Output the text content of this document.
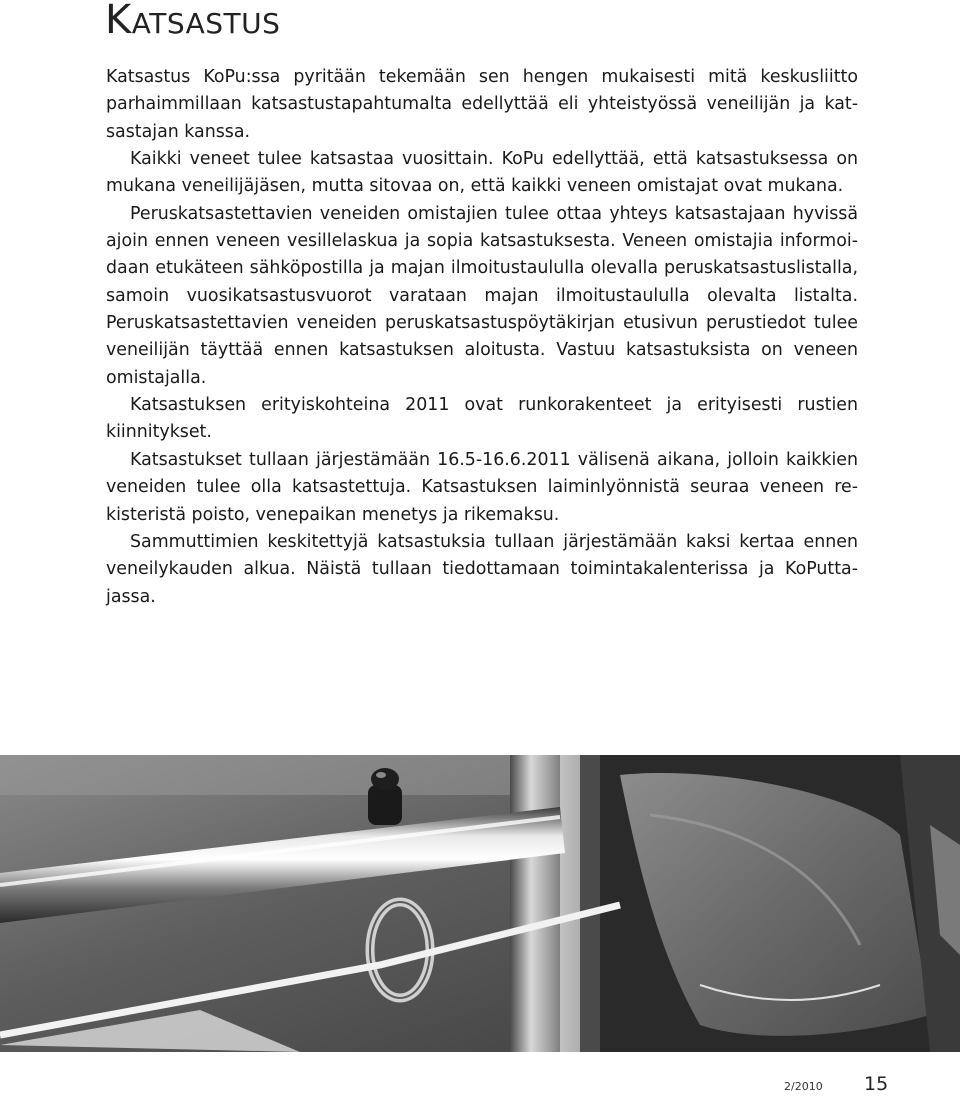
KATSASTUS

Katsastus KoPu:ssa pyritään tekemään sen hengen mukaisesti mitä keskusliitto parhaimmillaan katsastustapahtumalta edellyttää eli yhteistyössä veneilijän ja katsastajan kanssa.

Kaikki veneet tulee katsastaa vuosittain. KoPu edellyttää, että katsastuksessa on mukana veneilijäjäsen, mutta sitovaa on, että kaikki veneen omistajat ovat mukana.

Peruskatsastettavien veneiden omistajien tulee ottaa yhteys katsastajaan hyvissä ajoin ennen veneen vesillelaskua ja sopia katsastuksesta. Veneen omistajia informoidaan etukäteen sähköpostilla ja majan ilmoitustaululla olevalla peruskatsastuslistalla, samoin vuosikatsastusvuorot varataan majan ilmoitustaululla olevalta listalta. Peruskatsastettavien veneiden peruskatsastuspöytäkirjan etusivun perustiedot tulee veneilijän täyttää ennen katsastuksen aloitusta. Vastuu katsastuksista on veneen omistajalla.

Katsastuksen erityiskohteina 2011 ovat runkorakenteet ja erityisesti rustien kiinnitykset.

Katsastukset tullaan järjestämään 16.5-16.6.2011 välisenä aikana, jolloin kaikkien veneiden tulee olla katsastettuja. Katsastuksen laiminlyönnistä seuraa veneen rekisteristä poisto, venepaikan menetys ja rikemaksu.

Sammuttimien keskitettyjä katsastuksia tullaan järjestämään kaksi kertaa ennen veneilykauden alkua. Näistä tullaan tiedottamaan toimintakalenterissa ja KoPuttajassa.

2/2010 15
